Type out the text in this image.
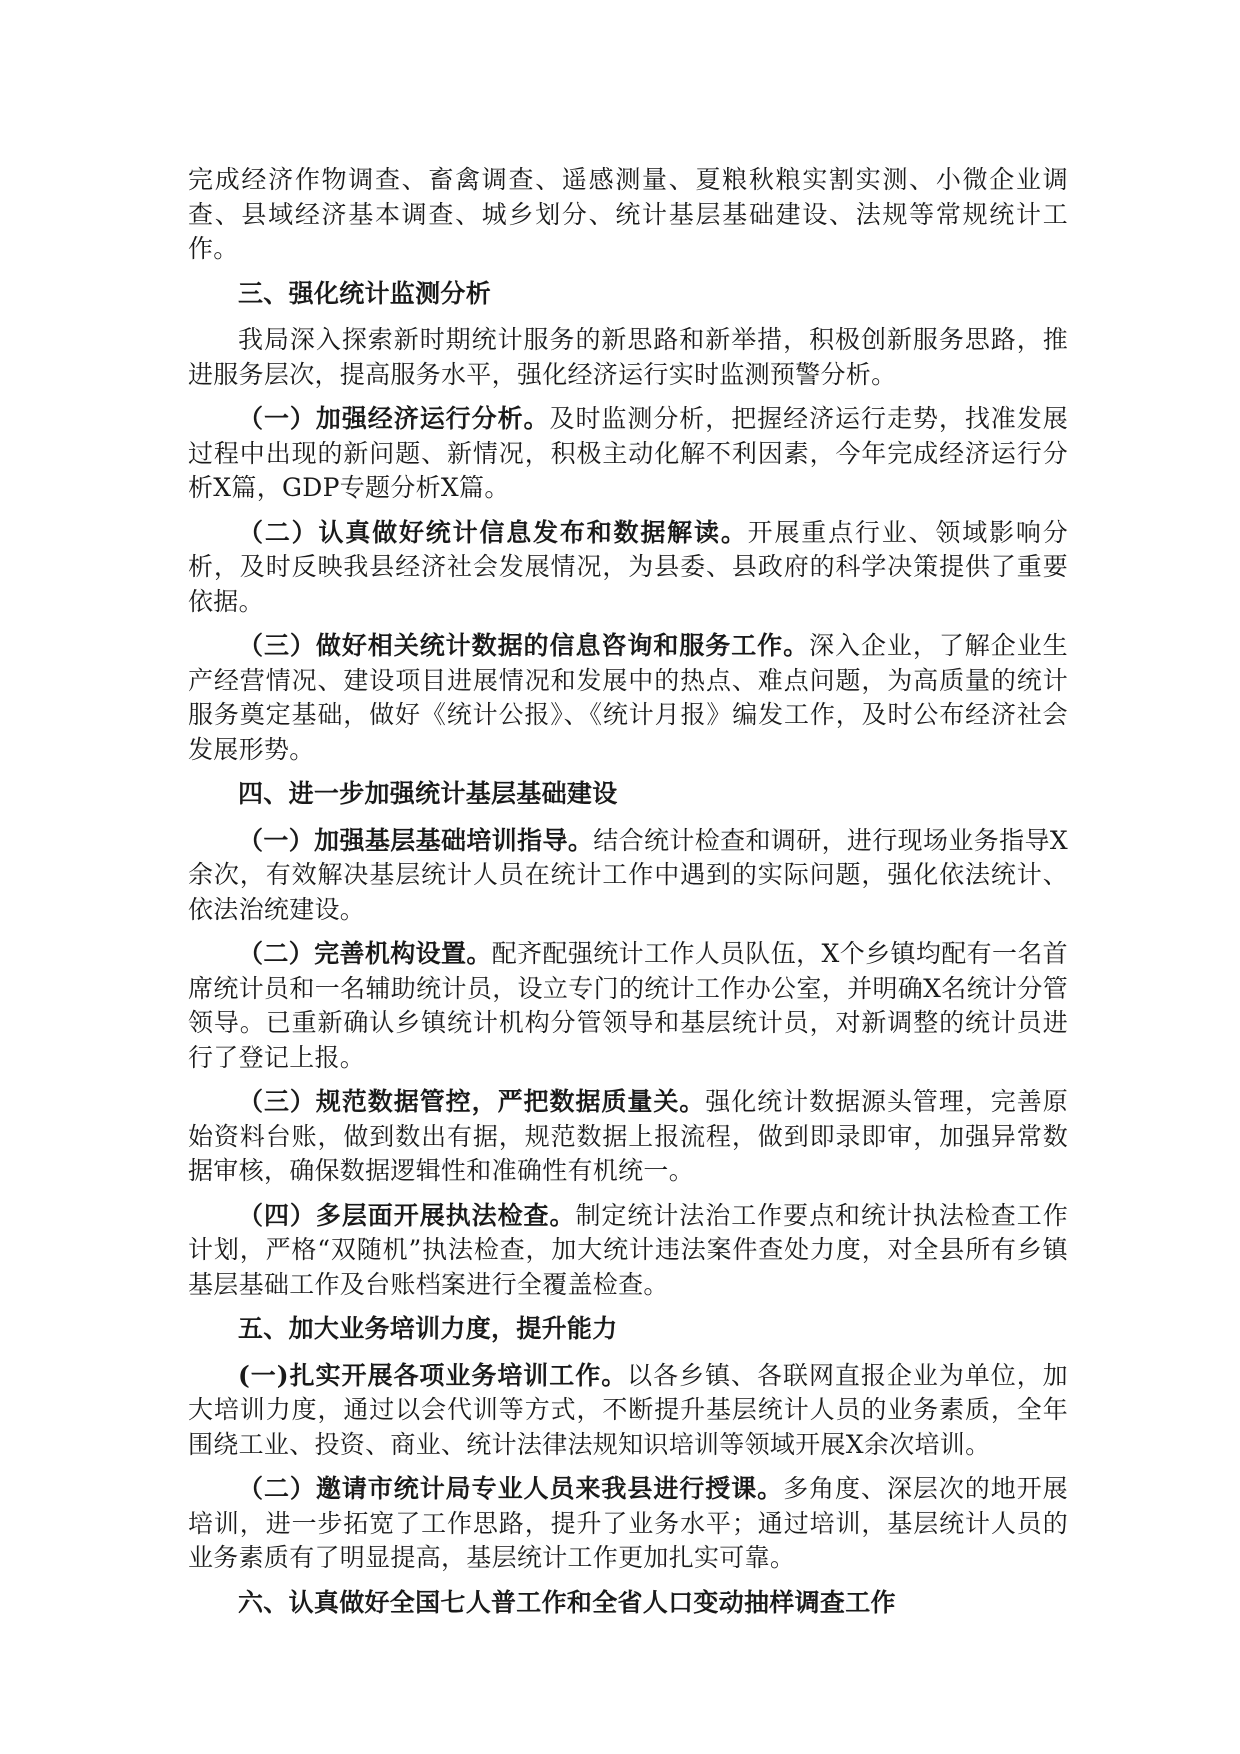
完成经济作物调查、畜禽调查、遥感测量、夏粮秋粮实割实测、小微企业调查、县域经济基本调查、城乡划分、统计基层基础建设、法规等常规统计工作。

三、强化统计监测分析

我局深入探索新时期统计服务的新思路和新举措，积极创新服务思路，推进服务层次，提高服务水平，强化经济运行实时监测预警分析。

（一）加强经济运行分析。及时监测分析，把握经济运行走势，找准发展过程中出现的新问题、新情况，积极主动化解不利因素，今年完成经济运行分析X篇，GDP专题分析X篇。

（二）认真做好统计信息发布和数据解读。开展重点行业、领域影响分析，及时反映我县经济社会发展情况，为县委、县政府的科学决策提供了重要依据。

（三）做好相关统计数据的信息咨询和服务工作。深入企业，了解企业生产经营情况、建设项目进展情况和发展中的热点、难点问题，为高质量的统计服务奠定基础，做好《统计公报》、《统计月报》编发工作，及时公布经济社会发展形势。

四、进一步加强统计基层基础建设

（一）加强基层基础培训指导。结合统计检查和调研，进行现场业务指导X余次，有效解决基层统计人员在统计工作中遇到的实际问题，强化依法统计、依法治统建设。

（二）完善机构设置。配齐配强统计工作人员队伍，X个乡镇均配有一名首席统计员和一名辅助统计员，设立专门的统计工作办公室，并明确X名统计分管领导。已重新确认乡镇统计机构分管领导和基层统计员，对新调整的统计员进行了登记上报。

（三）规范数据管控，严把数据质量关。强化统计数据源头管理，完善原始资料台账，做到数出有据，规范数据上报流程，做到即录即审，加强异常数据审核，确保数据逻辑性和准确性有机统一。

（四）多层面开展执法检查。制定统计法治工作要点和统计执法检查工作计划，严格“双随机”执法检查，加大统计违法案件查处力度，对全县所有乡镇基层基础工作及台账档案进行全覆盖检查。

五、加大业务培训力度，提升能力

(一)扎实开展各项业务培训工作。以各乡镇、各联网直报企业为单位，加大培训力度，通过以会代训等方式，不断提升基层统计人员的业务素质，全年围绕工业、投资、商业、统计法律法规知识培训等领域开展X余次培训。

（二）邀请市统计局专业人员来我县进行授课。多角度、深层次的地开展培训，进一步拓宽了工作思路，提升了业务水平；通过培训，基层统计人员的业务素质有了明显提高，基层统计工作更加扎实可靠。

六、认真做好全国七人普工作和全省人口变动抽样调查工作
